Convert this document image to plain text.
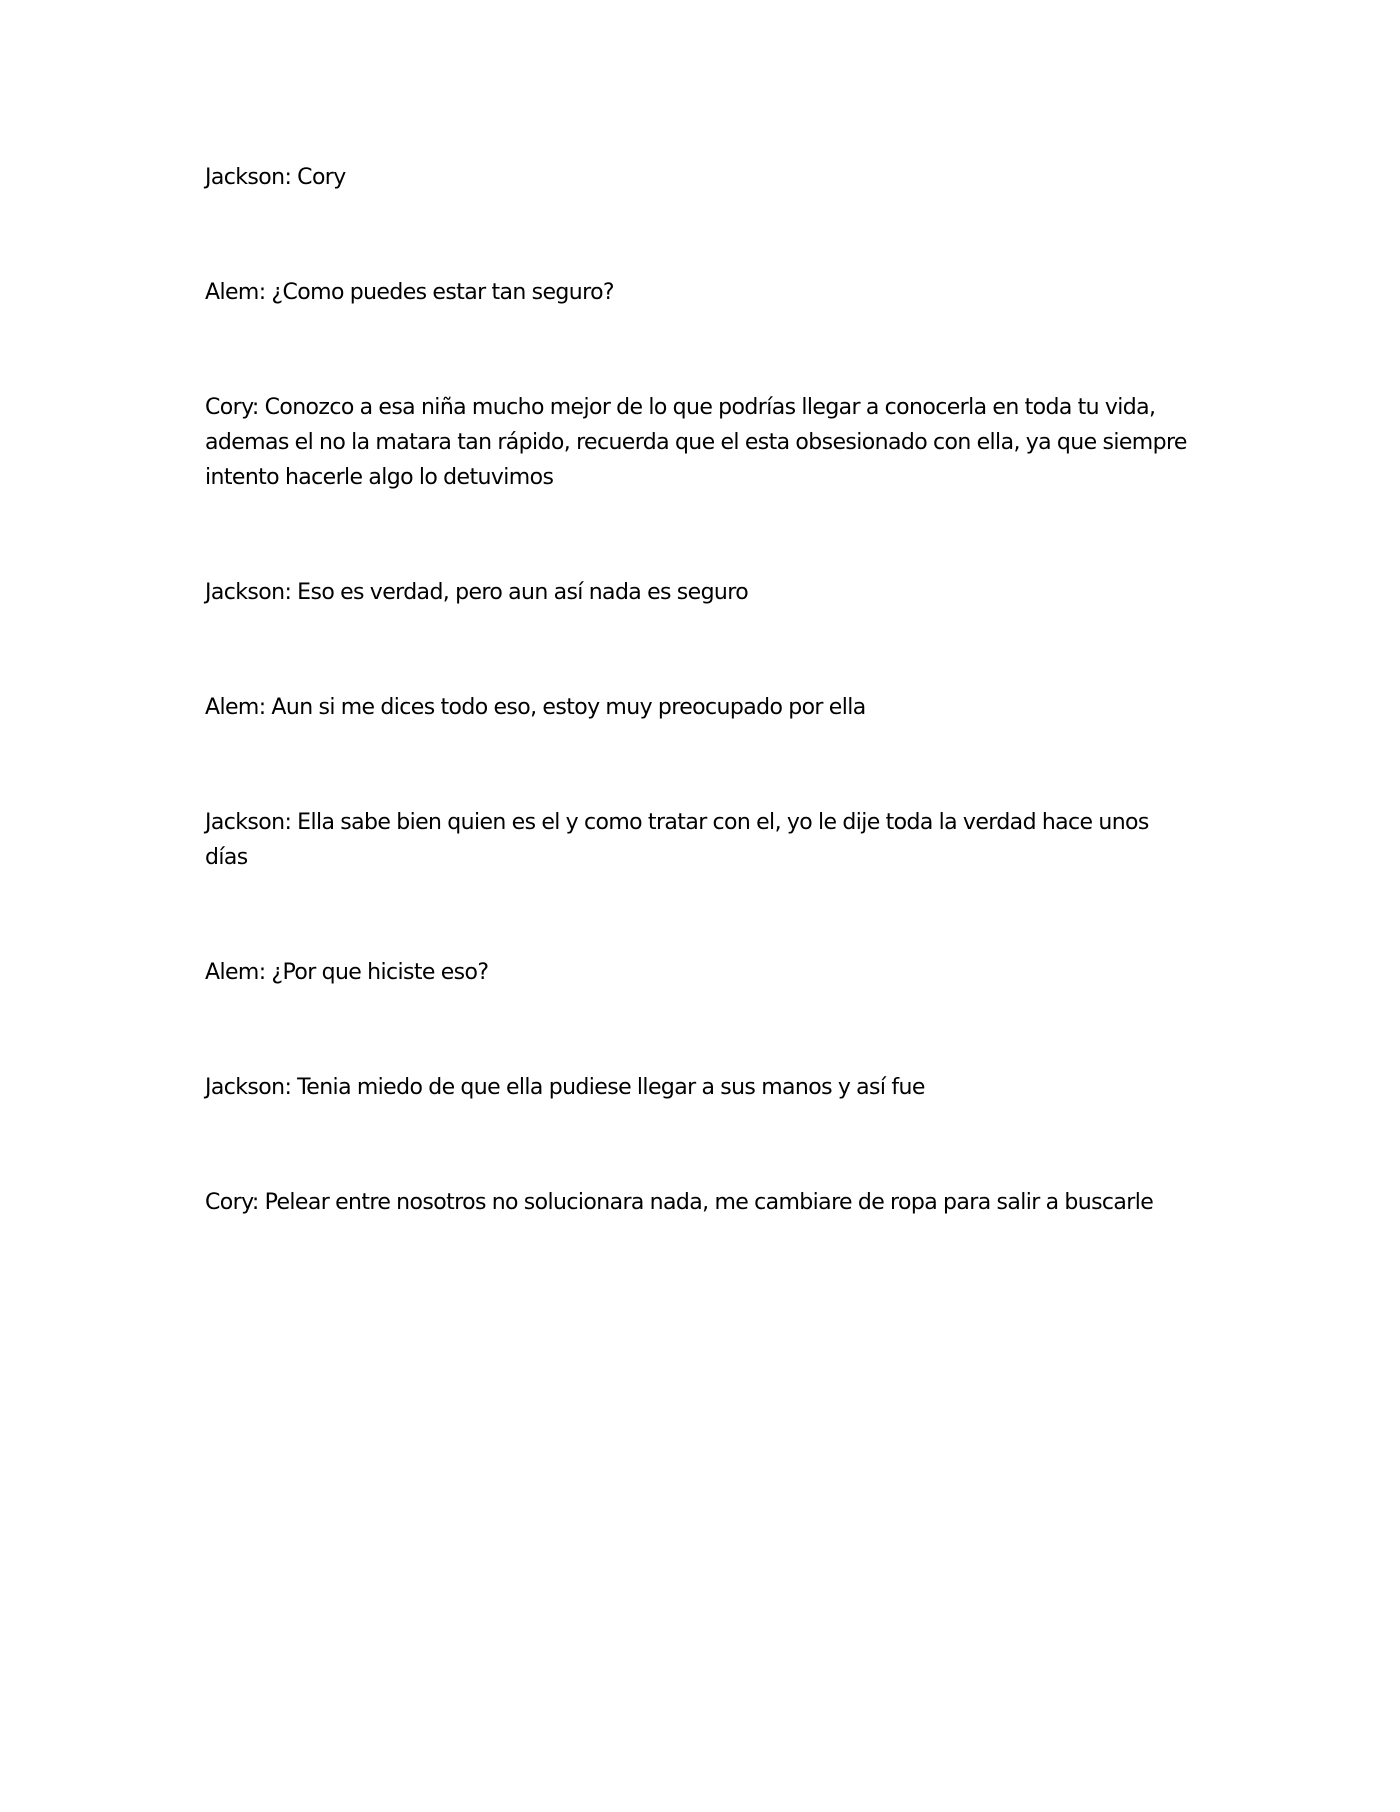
Jackson: Cory

Alem: ¿Como puedes estar tan seguro?

Cory: Conozco a esa niña mucho mejor de lo que podrías llegar a conocerla en toda tu vida, ademas el no la matara tan rápido, recuerda que el esta obsesionado con ella, ya que siempre intento hacerle algo lo detuvimos

Jackson: Eso es verdad, pero aun así nada es seguro

Alem: Aun si me dices todo eso, estoy muy preocupado por ella

Jackson: Ella sabe bien quien es el y como tratar con el, yo le dije toda la verdad hace unos días

Alem: ¿Por que hiciste eso?

Jackson: Tenia miedo de que ella pudiese llegar a sus manos y así fue

Cory: Pelear entre nosotros no solucionara nada, me cambiare de ropa para salir a buscarle
